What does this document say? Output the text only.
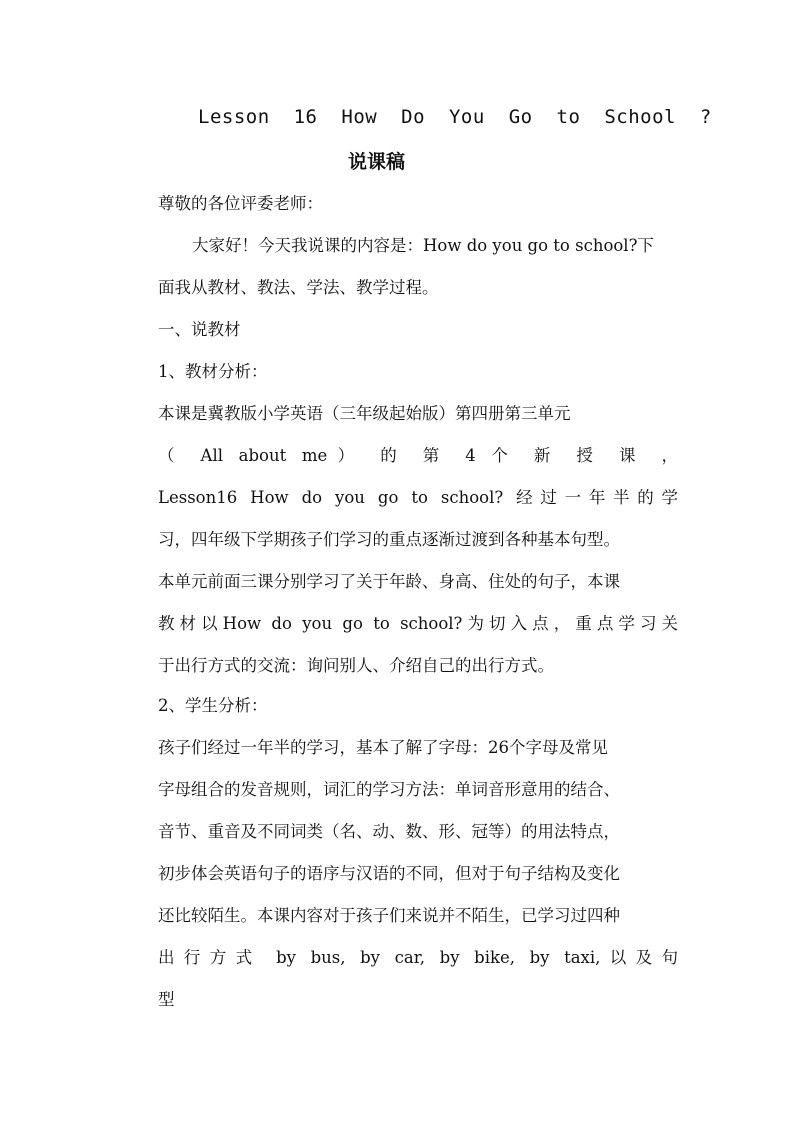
Lesson 16 How Do You Go to School ?
说课稿
尊敬的各位评委老师：
大家好！今天我说课的内容是：How do you go to school?下
面我从教材、教法、学法、教学过程。
一、说教材
1、教材分析：
本课是冀教版小学英语（三年级起始版）第四册第三单元
（ All about me） 的 第 4 个 新 授 课 ，
Lesson16 How do you go to school? 经过一年半的学
习，四年级下学期孩子们学习的重点逐渐过渡到各种基本句型。
本单元前面三课分别学习了关于年龄、身高、住处的句子，本课
教材以How do you go to school?为切入点，重点学习关
于出行方式的交流：询问别人、介绍自己的出行方式。
2、学生分析：
孩子们经过一年半的学习，基本了解了字母：26个字母及常见
字母组合的发音规则，词汇的学习方法：单词音形意用的结合、
音节、重音及不同词类（名、动、数、形、冠等）的用法特点，
初步体会英语句子的语序与汉语的不同，但对于句子结构及变化
还比较陌生。本课内容对于孩子们来说并不陌生，已学习过四种
出行方式 by bus, by car, by bike, by taxi,以及句
型
